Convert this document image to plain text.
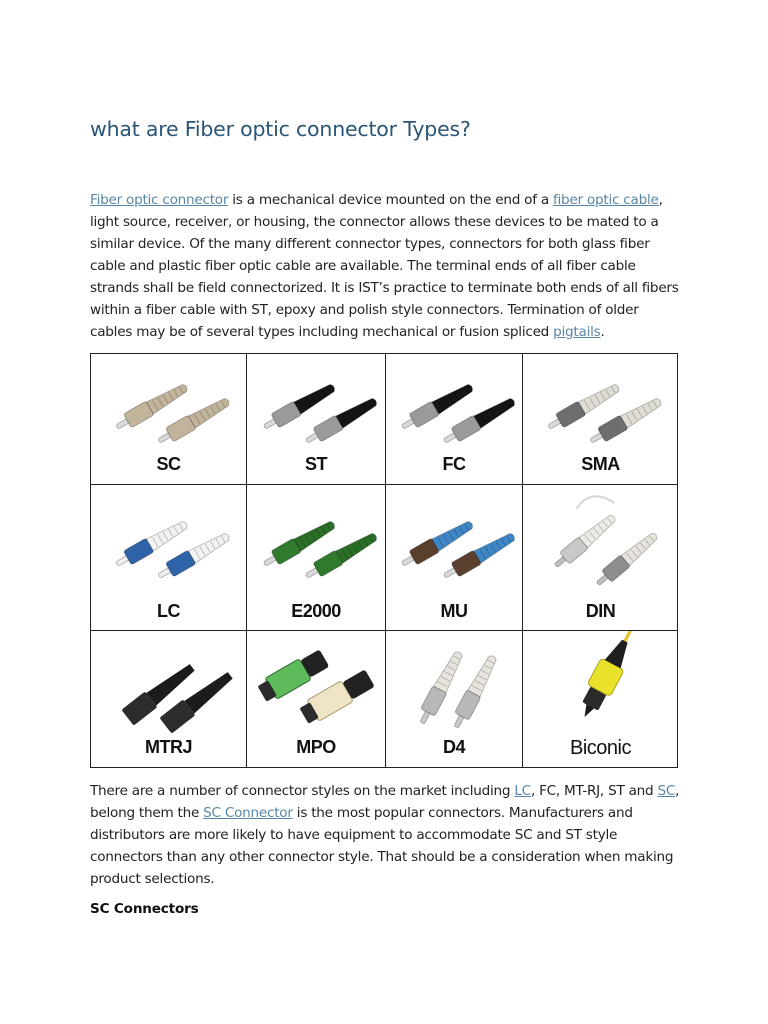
what are Fiber optic connector Types?

Fiber optic connector is a mechanical device mounted on the end of a fiber optic cable, light source, receiver, or housing, the connector allows these devices to be mated to a similar device. Of the many different connector types, connectors for both glass fiber cable and plastic fiber optic cable are available. The terminal ends of all fiber cable strands shall be field connectorized. It is IST’s practice to terminate both ends of all fibers within a fiber cable with ST, epoxy and polish style connectors. Termination of older cables may be of several types including mechanical or fusion spliced pigtails.

SC	ST	FC	SMA
LC	E2000	MU	DIN
MTRJ	MPO	D4	Biconic

There are a number of connector styles on the market including LC, FC, MT-RJ, ST and SC, belong them the SC Connector is the most popular connectors. Manufacturers and distributors are more likely to have equipment to accommodate SC and ST style connectors than any other connector style. That should be a consideration when making product selections.

SC Connectors
